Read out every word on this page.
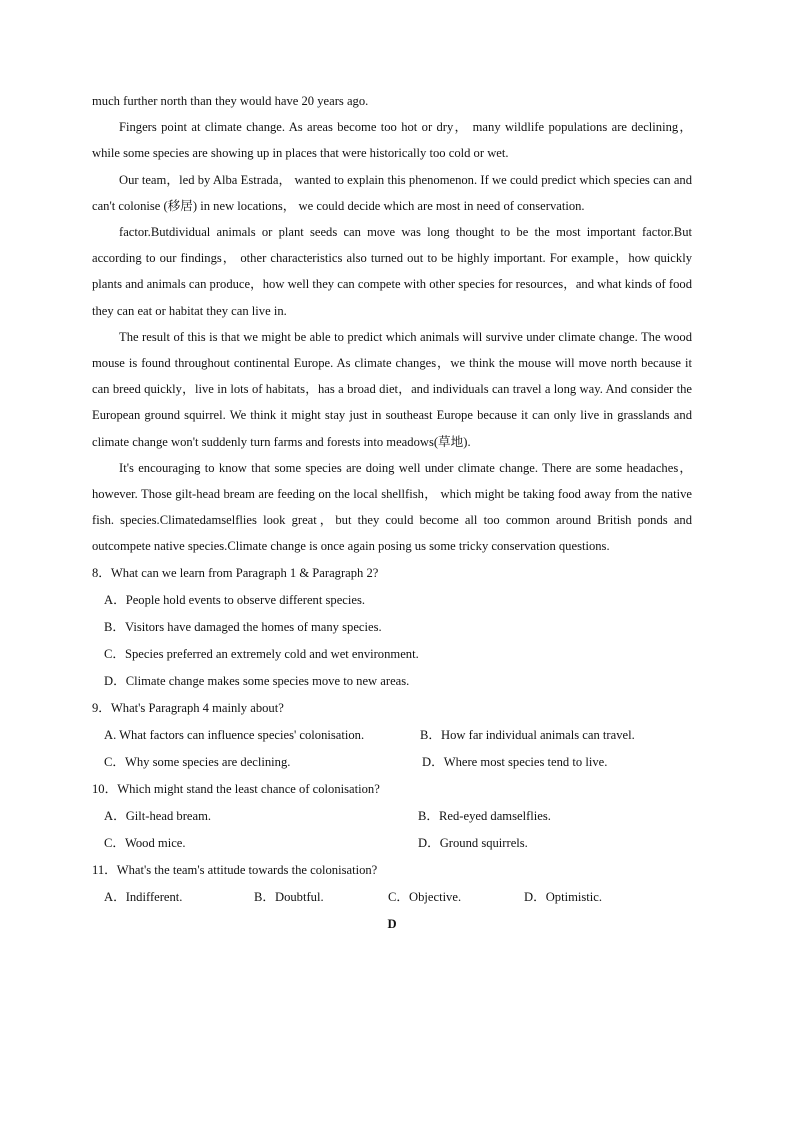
much further north than they would have 20 years ago.

Fingers point at climate change. As areas become too hot or dry， many wildlife populations are declining，while some species are showing up in places that were historically too cold or wet.

Our team，led by Alba Estrada， wanted to explain this phenomenon. If we could predict which species can and can't colonise (移居) in new locations， we could decide which are most in need of conservation.

factor.Butdividual animals or plant seeds can move was long thought to be the most important factor.But according to our findings， other characteristics also turned out to be highly important. For example，how quickly plants and animals can produce，how well they can compete with other species for resources，and what kinds of food they can eat or habitat they can live in.

The result of this is that we might be able to predict which animals will survive under climate change. The wood mouse is found throughout continental Europe. As climate changes，we think the mouse will move north because it can breed quickly，live in lots of habitats，has a broad diet，and individuals can travel a long way. And consider the European ground squirrel. We think it might stay just in southeast Europe because it can only live in grasslands and climate change won't suddenly turn farms and forests into meadows(草地).

It's encouraging to know that some species are doing well under climate change. There are some headaches，however. Those gilt-head bream are feeding on the local shellfish， which might be taking food away from the native fish. species.Climatedamselflies look great，but they could become all too common around British ponds and outcompete native species.Climate change is once again posing us some tricky conservation questions.

8．What can we learn from Paragraph 1 & Paragraph 2?
A．People hold events to observe different species.
B．Visitors have damaged the homes of many species.
C．Species preferred an extremely cold and wet environment.
D．Climate change makes some species move to new areas.
9．What's Paragraph 4 mainly about?
A. What factors can influence species' colonisation.	B．How far individual animals can travel.
C．Why some species are declining.	D．Where most species tend to live.
10．Which might stand the least chance of colonisation?
A．Gilt-head bream.	B．Red-eyed damselflies.
C．Wood mice.	D．Ground squirrels.
11．What's the team's attitude towards the colonisation?
A．Indifferent.	B．Doubtful.	C．Objective.	D．Optimistic.

D
